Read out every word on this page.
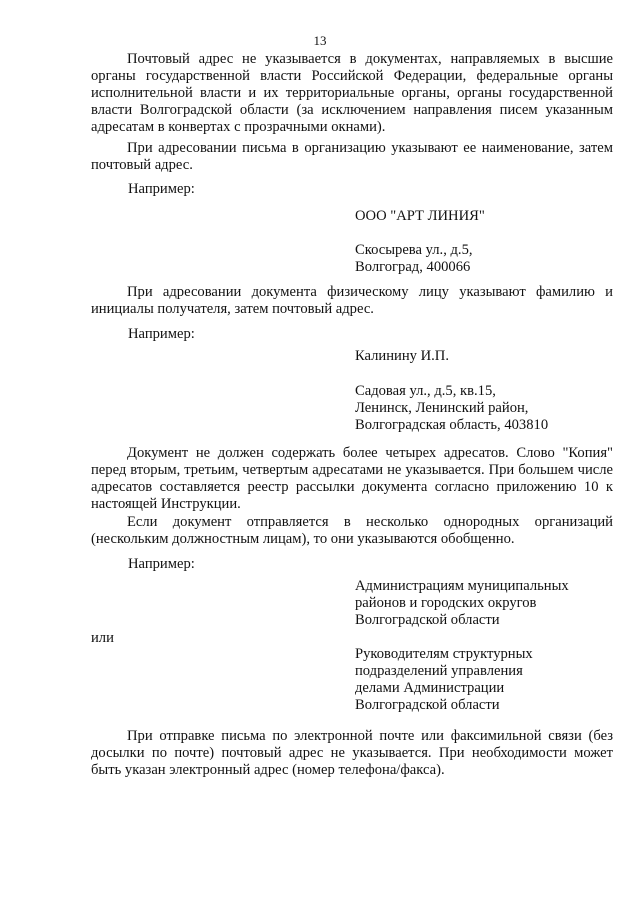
13
Почтовый адрес не указывается в документах, направляемых в высшие органы государственной власти Российской Федерации, федеральные органы исполнительной власти и их территориальные органы, органы государственной власти Волгоградской области (за исключением направления писем указанным адресатам в конвертах с прозрачными окнами).
При адресовании письма в организацию указывают ее наименование, затем почтовый адрес.
Например:
ООО "АРТ ЛИНИЯ"
Скосырева ул., д.5,
Волгоград, 400066
При адресовании документа физическому лицу указывают фамилию и инициалы получателя, затем почтовый адрес.
Например:
Калинину И.П.
Садовая ул., д.5, кв.15,
Ленинск, Ленинский район,
Волгоградская область, 403810
Документ не должен содержать более четырех адресатов. Слово "Копия" перед вторым, третьим, четвертым адресатами не указывается. При большем числе адресатов составляется реестр рассылки документа согласно приложению 10 к настоящей Инструкции.
Если документ отправляется в несколько однородных организаций (нескольким должностным лицам), то они указываются обобщенно.
Например:
Администрациям муниципальных
районов и городских округов
Волгоградской области
или
Руководителям структурных
подразделений управления
делами Администрации
Волгоградской области
При отправке письма по электронной почте или факсимильной связи (без досылки по почте) почтовый адрес не указывается. При необходимости может быть указан электронный адрес (номер телефона/факса).
